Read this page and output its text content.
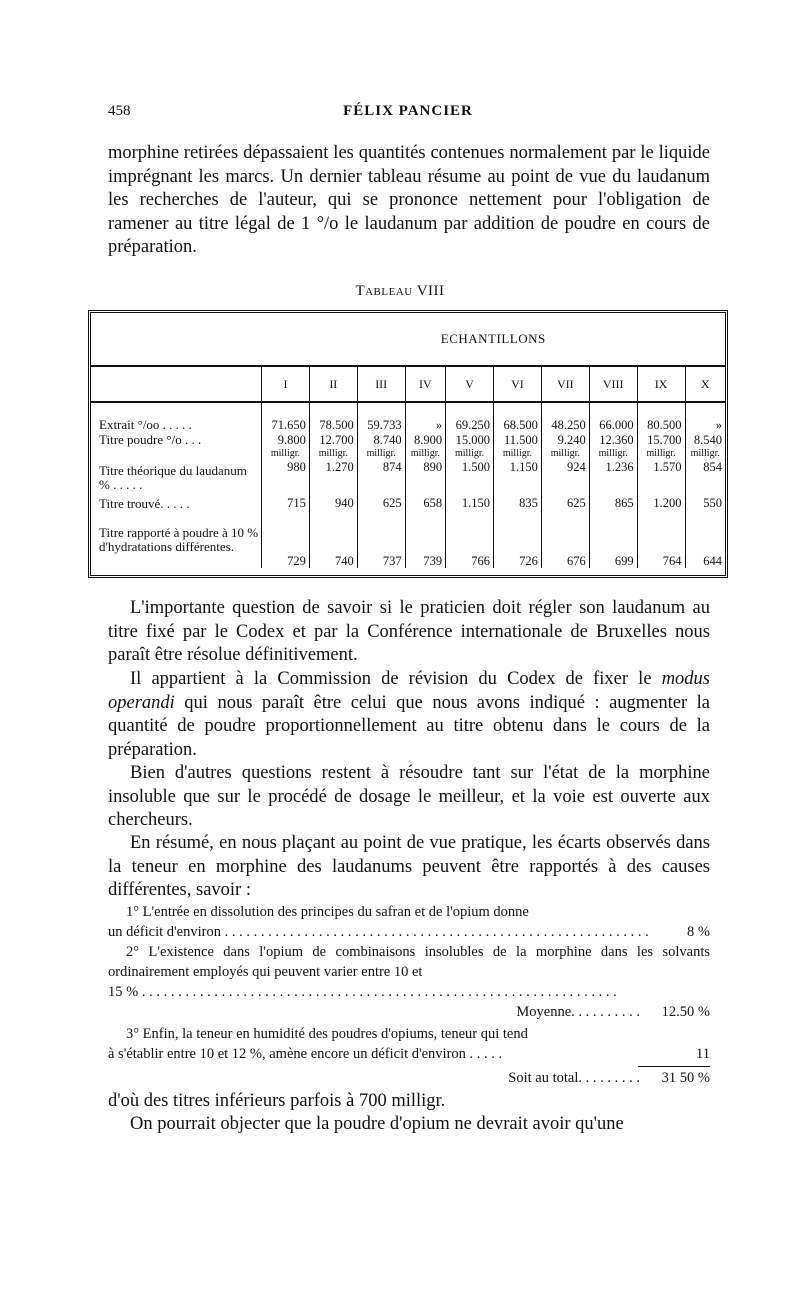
458	FÉLIX PANCIER

morphine retirées dépassaient les quantités contenues normalement par le liquide imprégnant les marcs. Un dernier tableau résume au point de vue du laudanum les recherches de l'auteur, qui se prononce nettement pour l'obligation de ramener au titre légal de 1 °/o le laudanum par addition de poudre en cours de préparation.

Tableau VIII
	ECHANTILLONS									
	I	II	III	IV	V	VI	VII	VIII	IX	X

Extrait °/oo . . . . .	71.650	78.500	59.733	»	69.250	68.500	48.250	66.000	80.500	»
Titre poudre °/o . . .	9.800	12.700	8.740	8.900	15.000	11.500	9.240	12.360	15.700	8.540
	milligr.	milligr.	milligr.	milligr.	milligr.	milligr.	milligr.	milligr.	milligr.	milligr.
Titre théorique du laudanum % . . . . .	980	1.270	874	890	1.500	1.150	924	1.236	1.570	854
Titre trouvé. . . . .	715	940	625	658	1.150	835	625	865	1.200	550
Titre rapporté à poudre à 10 % d'hydratations différentes.	729	740	737	739	766	726	676	699	764	644

L'importante question de savoir si le praticien doit régler son laudanum au titre fixé par le Codex et par la Conférence internationale de Bruxelles nous paraît être résolue définitivement.

Il appartient à la Commission de révision du Codex de fixer le modus operandi qui nous paraît être celui que nous avons indiqué : augmenter la quantité de poudre proportionnellement au titre obtenu dans le cours de la préparation.

Bien d'autres questions restent à résoudre tant sur l'état de la morphine insoluble que sur le procédé de dosage le meilleur, et la voie est ouverte aux chercheurs.

En résumé, en nous plaçant au point de vue pratique, les écarts observés dans la teneur en morphine des laudanums peuvent être rapportés à des causes différentes, savoir :

1° L'entrée en dissolution des principes du safran et de l'opium donne
un déficit d'environ . . .	8 %
2° L'existence dans l'opium de combinaisons insolubles de la morphine dans les solvants ordinairement employés qui peuvent varier entre 10 et
15 % . . .
Moyenne. . . . . . . . . .	12.50 %
3° Enfin, la teneur en humidité des poudres d'opiums, teneur qui tend
à s'établir entre 10 et 12 %, amène encore un déficit d'environ . . . . .	11
Soit au total. . . . . . . . .	31 50 %

d'où des titres inférieurs parfois à 700 milligr.

On pourrait objecter que la poudre d'opium ne devrait avoir qu'une
